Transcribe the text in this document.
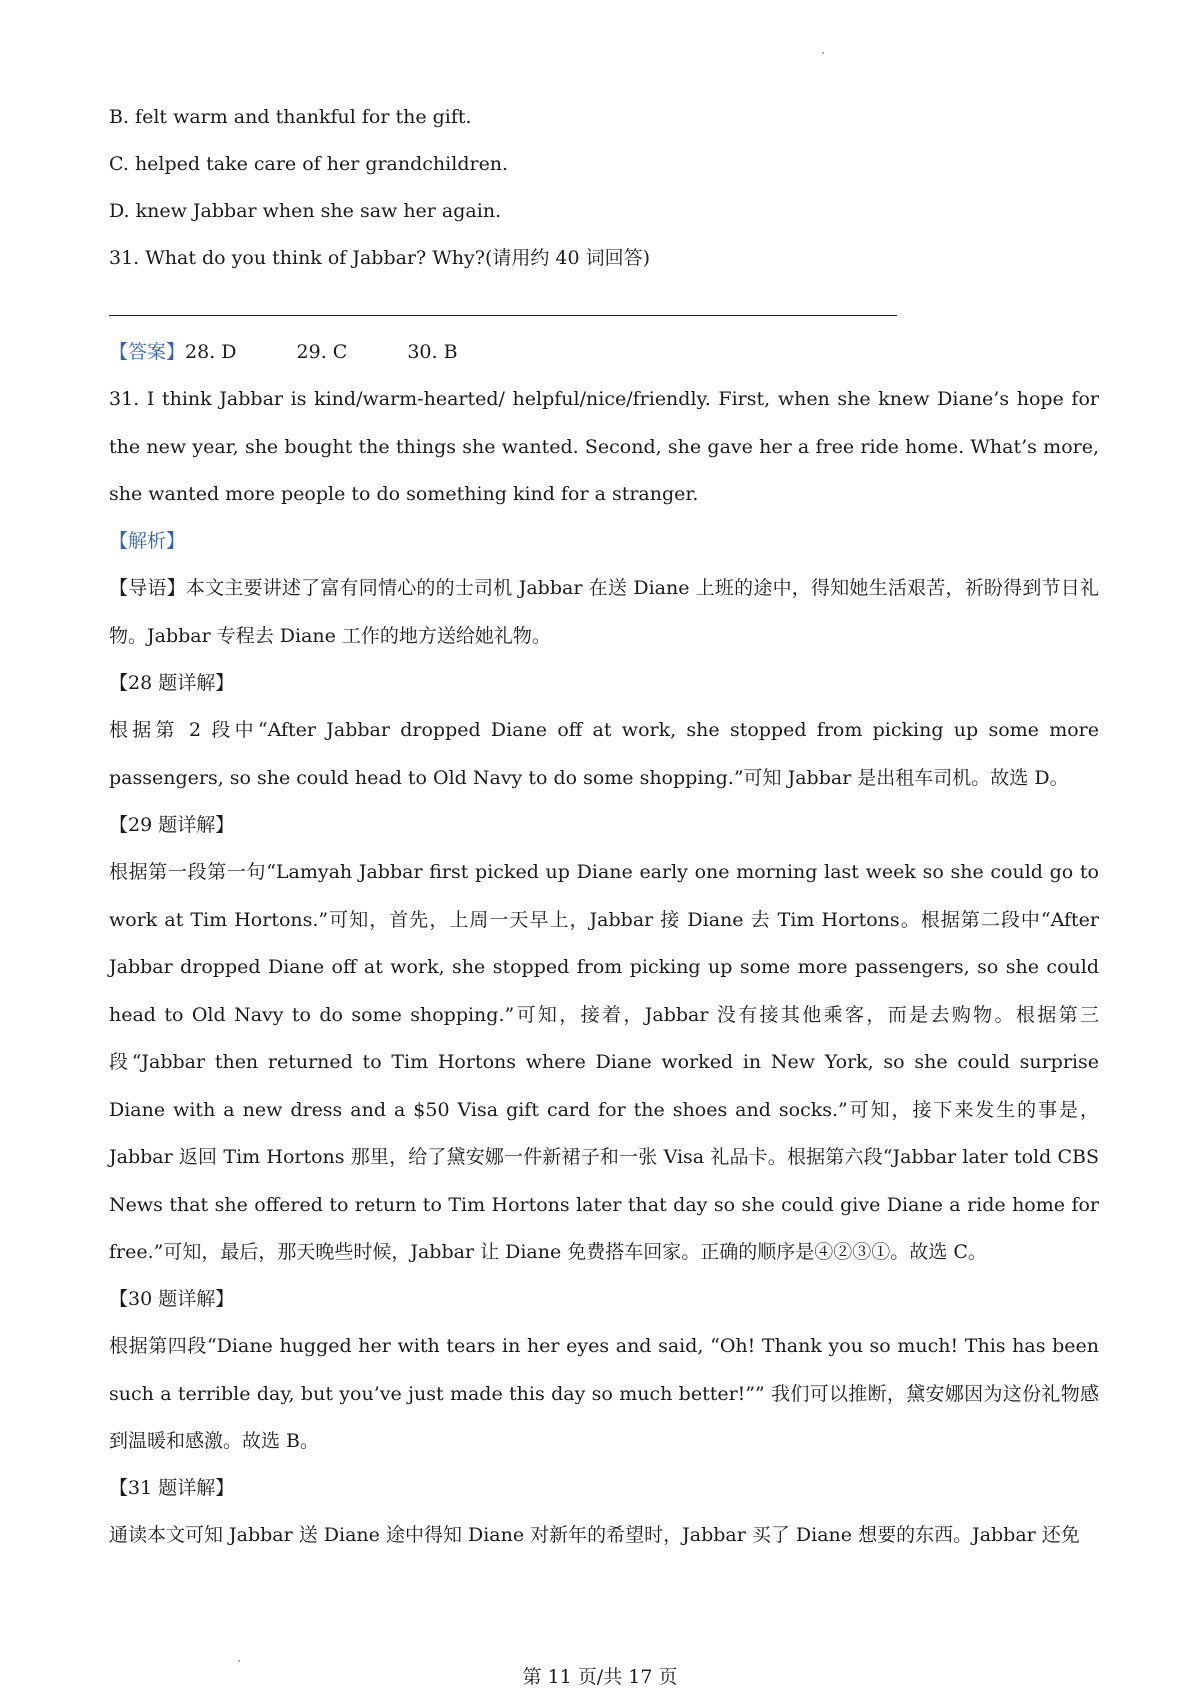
B. felt warm and thankful for the gift.
C. helped take care of her grandchildren.
D. knew Jabbar when she saw her again.
31. What do you think of Jabbar? Why?(请用约 40 词回答)
【答案】28. D	29. C	30. B
31. I think Jabbar is kind/warm-hearted/ helpful/nice/friendly. First, when she knew Diane’s hope for the new year, she bought the things she wanted. Second, she gave her a free ride home. What’s more, she wanted more people to do something kind for a stranger.
【解析】
【导语】本文主要讲述了富有同情心的的士司机 Jabbar 在送 Diane 上班的途中，得知她生活艰苦，祈盼得到节日礼物。Jabbar 专程去 Diane 工作的地方送给她礼物。
【28 题详解】
根据第 2 段中“After Jabbar dropped Diane off at work, she stopped from picking up some more passengers, so she could head to Old Navy to do some shopping.”可知 Jabbar 是出租车司机。故选 D。
【29 题详解】
根据第一段第一句“Lamyah Jabbar first picked up Diane early one morning last week so she could go to work at Tim Hortons.”可知，首先，上周一天早上，Jabbar 接 Diane 去 Tim Hortons。根据第二段中“After Jabbar dropped Diane off at work, she stopped from picking up some more passengers, so she could head to Old Navy to do some shopping.”可知，接着，Jabbar 没有接其他乘客，而是去购物。根据第三段“Jabbar then returned to Tim Hortons where Diane worked in New York, so she could surprise Diane with a new dress and a $50 Visa gift card for the shoes and socks.”可知，接下来发生的事是，Jabbar 返回 Tim Hortons 那里，给了黛安娜一件新裙子和一张 Visa 礼品卡。根据第六段“Jabbar later told CBS News that she offered to return to Tim Hortons later that day so she could give Diane a ride home for free.”可知，最后，那天晚些时候，Jabbar 让 Diane 免费搭车回家。正确的顺序是④②③①。故选 C。
【30 题详解】
根据第四段“Diane hugged her with tears in her eyes and said, “Oh! Thank you so much! This has been such a terrible day, but you’ve just made this day so much better!”” 我们可以推断，黛安娜因为这份礼物感到温暖和感激。故选 B。
【31 题详解】
通读本文可知 Jabbar 送 Diane 途中得知 Diane 对新年的希望时，Jabbar 买了 Diane 想要的东西。Jabbar 还免
第 11 页/共 17 页
